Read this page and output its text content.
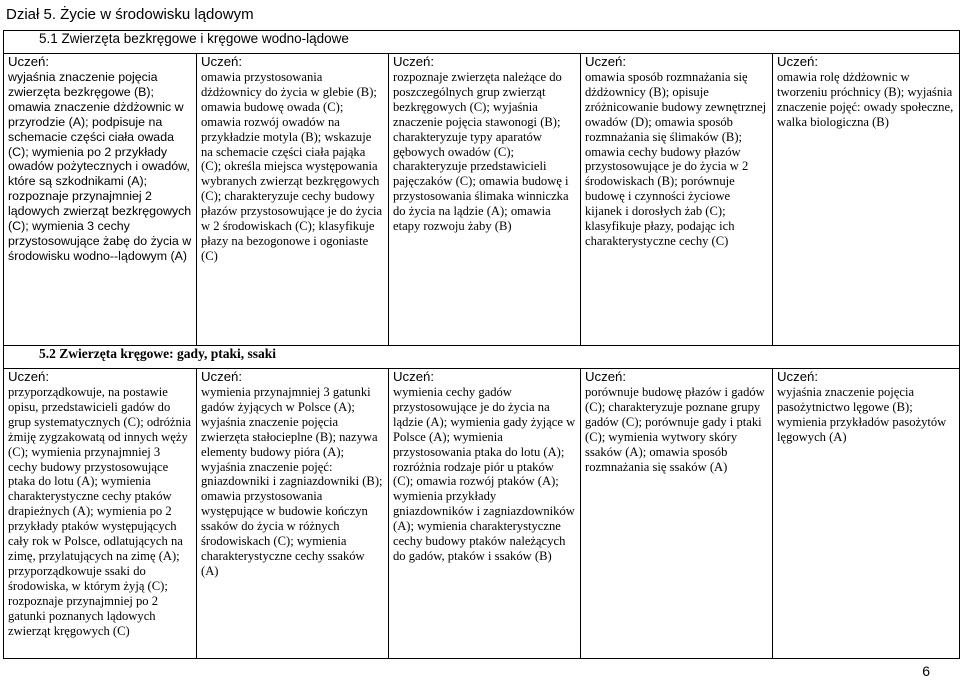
Dział 5. Życie w środowisku lądowym
5.1 Zwierzęta bezkręgowe i kręgowe wodno-lądowe

Uczeń:
wyjaśnia znaczenie pojęcia zwierzęta bezkręgowe (B); omawia znaczenie dżdżownic w przyrodzie (A); podpisuje na schemacie części ciała owada (C); wymienia po 2 przykłady owadów pożytecznych i owadów, które są szkodnikami (A); rozpoznaje przynajmniej 2 lądowych zwierząt bezkręgowych (C); wymienia 3 cechy przystosowujące żabę do życia w środowisku wodno--lądowym (A)	
Uczeń:
omawia przystosowania dżdżownicy do życia w glebie (B); omawia budowę owada (C); omawia rozwój owadów na przykładzie motyla (B); wskazuje na schemacie części ciała pająka (C); określa miejsca występowania wybranych zwierząt bezkręgowych (C); charakteryzuje cechy budowy płazów przystosowujące je do życia w 2 środowiskach (C); klasyfikuje płazy na bezogonowe i ogoniaste (C)	
Uczeń:
rozpoznaje zwierzęta należące do poszczególnych grup zwierząt bezkręgowych (C); wyjaśnia znaczenie pojęcia stawonogi (B); charakteryzuje typy aparatów gębowych owadów (C); charakteryzuje przedstawicieli pajęczaków (C); omawia budowę i przystosowania ślimaka winniczka do życia na lądzie (A); omawia etapy rozwoju żaby (B)	
Uczeń:
omawia sposób rozmnażania się dżdżownicy (B); opisuje zróżnicowanie budowy zewnętrznej owadów (D); omawia sposób rozmnażania się ślimaków (B); omawia cechy budowy płazów przystosowujące je do życia w 2 środowiskach (B); porównuje budowę i czynności życiowe kijanek i dorosłych żab (C); klasyfikuje płazy, podając ich charakterystyczne cechy (C)	
Uczeń:
omawia rolę dżdżownic w tworzeniu próchnicy (B); wyjaśnia znaczenie pojęć: owady społeczne, walka biologiczna (B)
5.2 Zwierzęta kręgowe: gady, ptaki, ssaki

Uczeń:
przyporządkowuje, na postawie opisu, przedstawicieli gadów do grup systematycznych (C); odróżnia żmiję zygzakowatą od innych węży (C); wymienia przynajmniej 3 cechy budowy przystosowujące ptaka do lotu (A); wymienia charakterystyczne cechy ptaków drapieżnych (A); wymienia po 2 przykłady ptaków występujących cały rok w Polsce, odlatujących na zimę, przylatujących na zimę (A); przyporządkowuje ssaki do środowiska, w którym żyją (C); rozpoznaje przynajmniej po 2 gatunki poznanych lądowych zwierząt kręgowych (C)	
Uczeń:
wymienia przynajmniej 3 gatunki gadów żyjących w Polsce (A); wyjaśnia znaczenie pojęcia zwierzęta stałocieplne (B); nazywa elementy budowy pióra (A); wyjaśnia znaczenie pojęć: gniazdowniki i zagniazdowniki (B); omawia przystosowania występujące w budowie kończyn ssaków do życia w różnych środowiskach (C); wymienia charakterystyczne cechy ssaków (A)	
Uczeń:
wymienia cechy gadów przystosowujące je do życia na lądzie (A); wymienia gady żyjące w Polsce (A); wymienia przystosowania ptaka do lotu (A); rozróżnia rodzaje piór u ptaków (C); omawia rozwój ptaków (A); wymienia przykłady gniazdowników i zagniazdowników (A); wymienia charakterystyczne cechy budowy ptaków należących do gadów, ptaków i ssaków (B)	
Uczeń:
porównuje budowę płazów i gadów (C); charakteryzuje poznane grupy gadów (C); porównuje gady i ptaki (C); wymienia wytwory skóry ssaków (A); omawia sposób rozmnażania się ssaków (A)	
Uczeń:
wyjaśnia znaczenie pojęcia pasożytnictwo lęgowe (B); wymienia przykładów pasożytów lęgowych (A)
6
